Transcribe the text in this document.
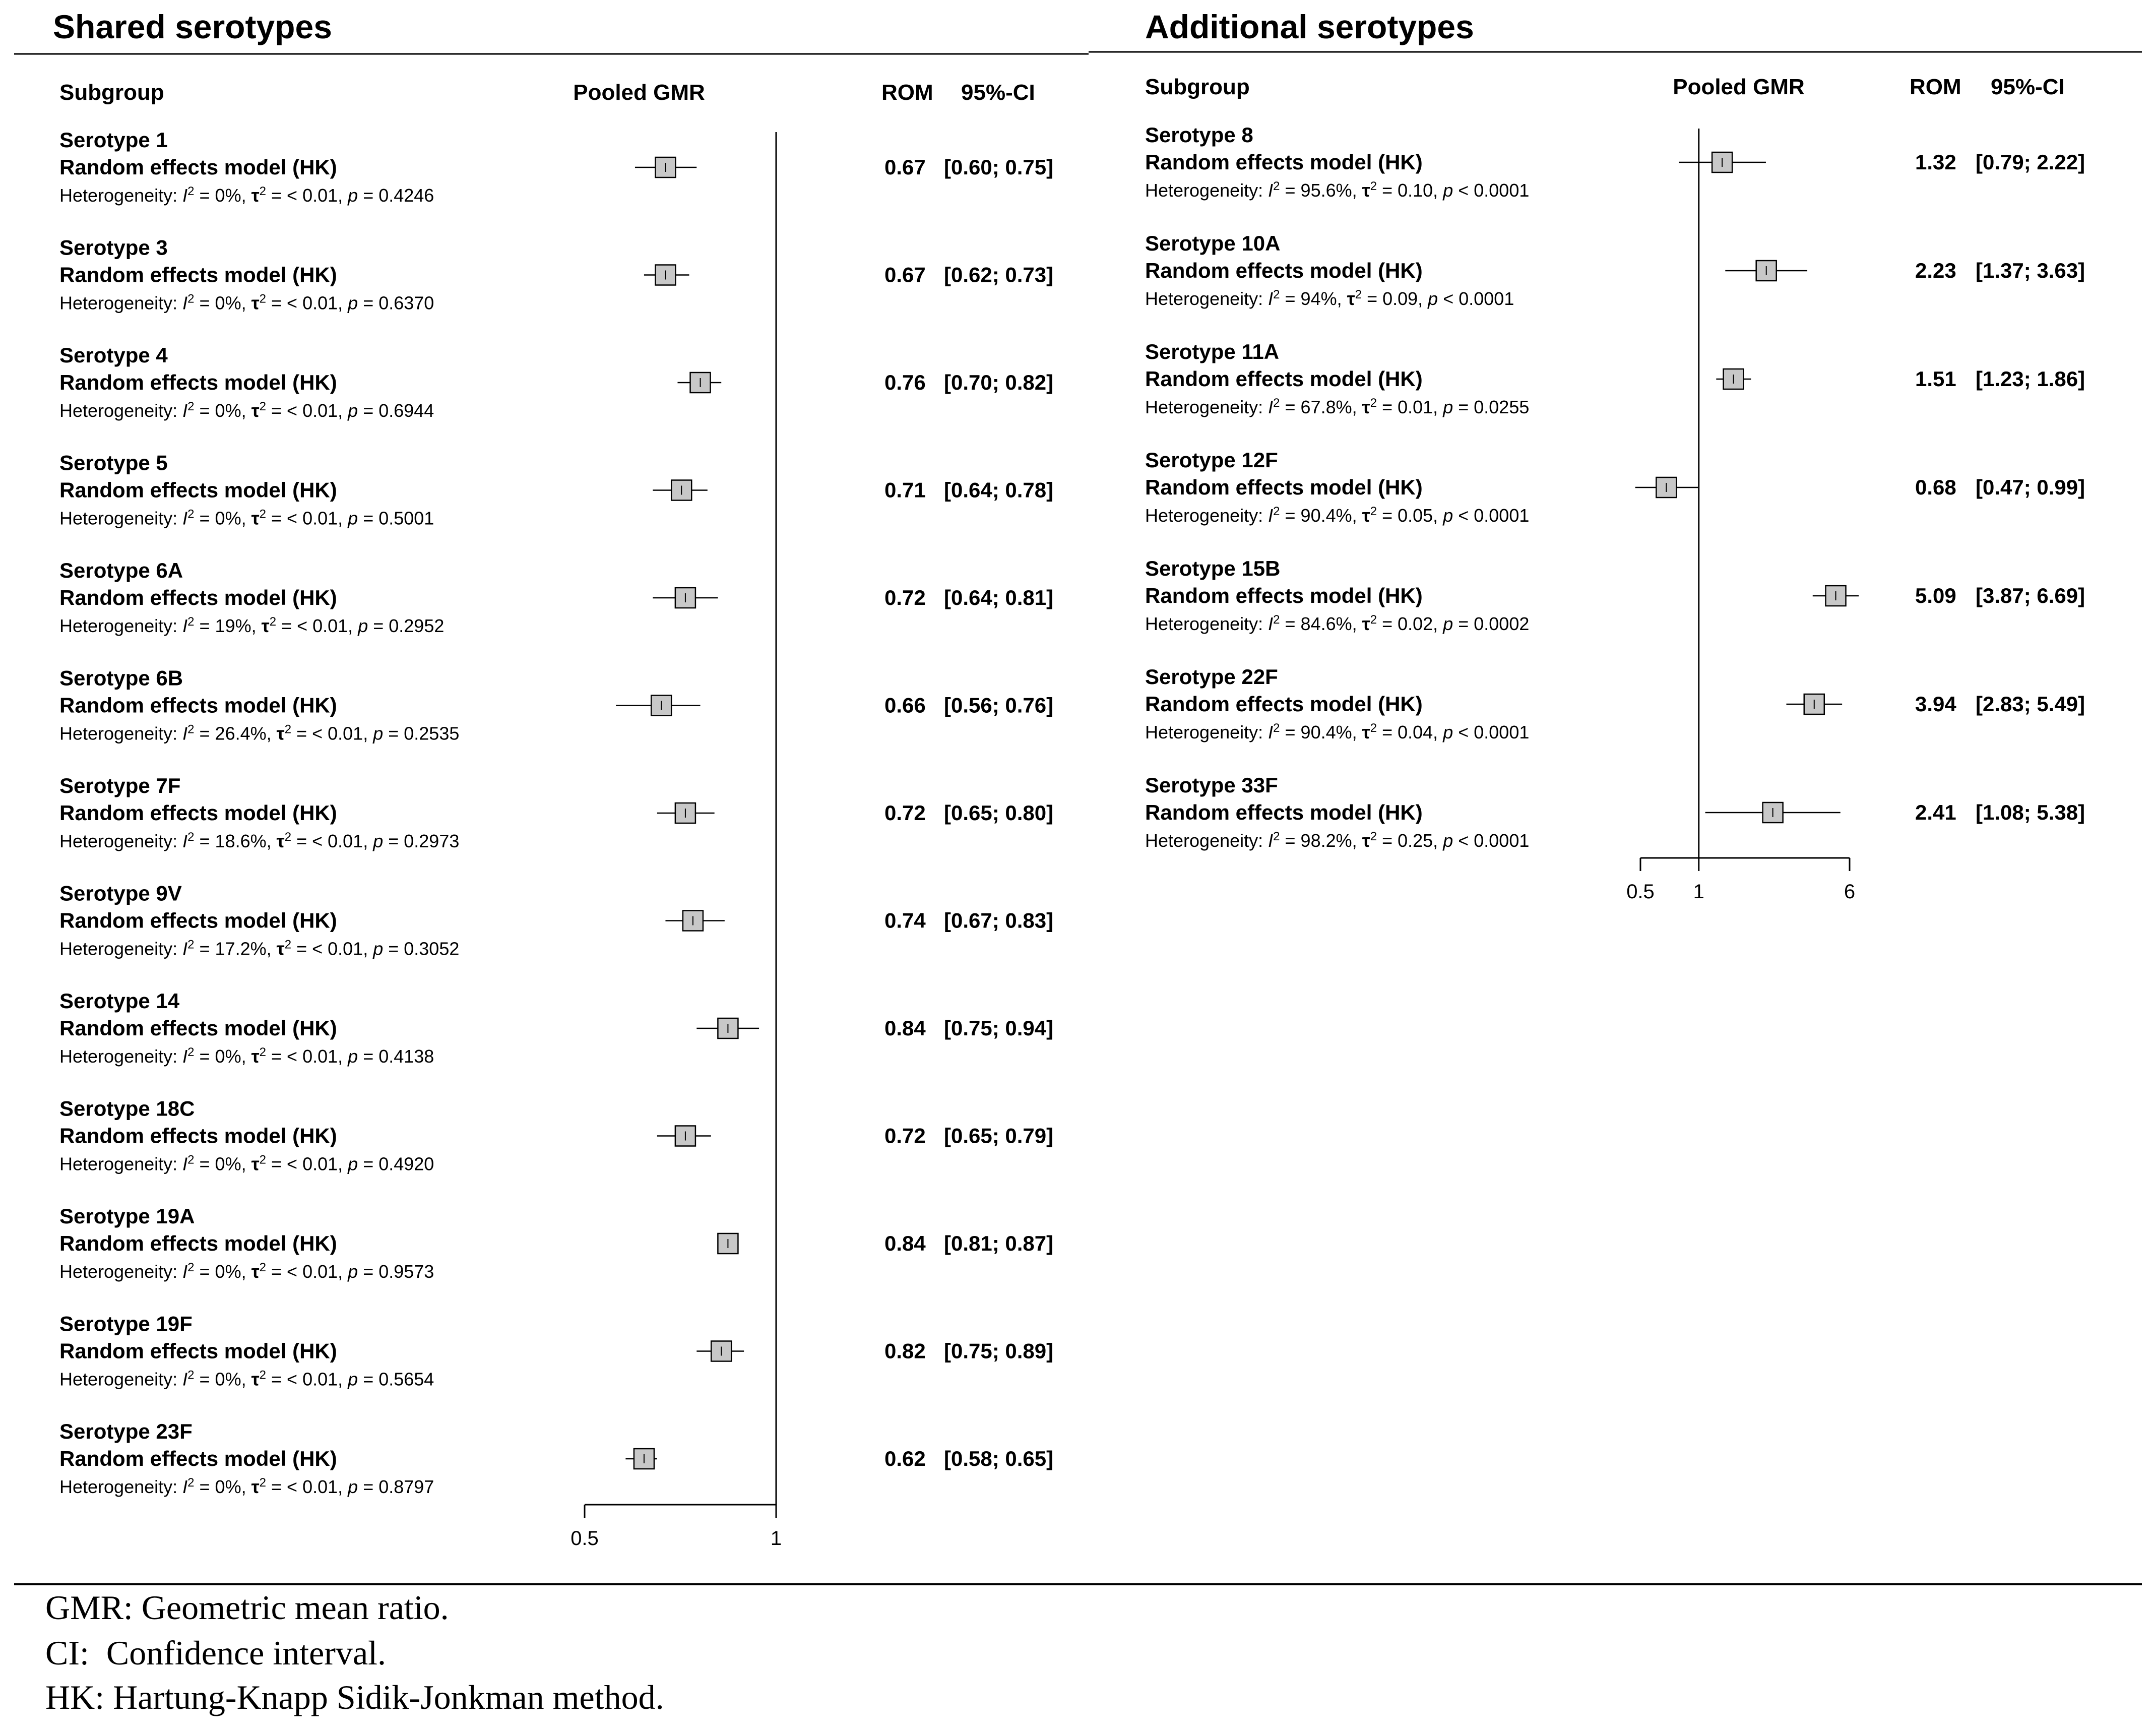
Shared serotypes	Additional serotypes
Subgroup	Pooled GMR	ROM 95%-CI	Subgroup	Pooled GMR	ROM 95%-CI
0.5	1
Serotype 1
Random effects model (HK)
Heterogeneity: $I^2 = 0\%$, $\tau^2$ = < 0.01, p = 0.4246
0.67 [0.60; 0.75]
Serotype 3
Random effects model (HK)
Heterogeneity: $I^2 = 0\%$, $\tau^2$ = < 0.01, p = 0.6370
0.67 [0.62; 0.73]
Serotype 4
Random effects model (HK)
Heterogeneity: $I^2 = 0\%$, $\tau^2$ = < 0.01, p = 0.6944
0.76 [0.70; 0.82]
Serotype 5
Random effects model (HK)
Heterogeneity: $I^2 = 0\%$, $\tau^2$ = < 0.01, p = 0.5001
0.71 [0.64; 0.78]
Serotype 6A
Random effects model (HK)
Heterogeneity: $I^2 = 19\%$, $\tau^2$ = < 0.01, p = 0.2952
0.72 [0.64; 0.81]
Serotype 6B
Random effects model (HK)
Heterogeneity: $I^2 = 26.4\%$, $\tau^2$ = < 0.01, p = 0.2535
0.66 [0.56; 0.76]
Serotype 7F
Random effects model (HK)
Heterogeneity: $I^2 = 18.6\%$, $\tau^2$ = < 0.01, p = 0.2973
0.72 [0.65; 0.80]
Serotype 9V
Random effects model (HK)
Heterogeneity: $I^2 = 17.2\%$, $\tau^2$ = < 0.01, p = 0.3052
0.74 [0.67; 0.83]
Serotype 14
Random effects model (HK)
Heterogeneity: $I^2 = 0\%$, $\tau^2$ = < 0.01, p = 0.4138
0.84 [0.75; 0.94]
Serotype 18C
Random effects model (HK)
Heterogeneity: $I^2 = 0\%$, $\tau^2$ = < 0.01, p = 0.4920
0.72 [0.65; 0.79]
Serotype 19A
Random effects model (HK)
Heterogeneity: $I^2 = 0\%$, $\tau^2$ = < 0.01, p = 0.9573
0.84 [0.81; 0.87]
Serotype 19F
Random effects model (HK)
Heterogeneity: $I^2 = 0\%$, $\tau^2$ = < 0.01, p = 0.5654
0.82 [0.75; 0.89]
Serotype 23F
Random effects model (HK)
Heterogeneity: $I^2 = 0\%$, $\tau^2$ = < 0.01, p = 0.8797
0.62 [0.58; 0.65]
0.5 1	6
Serotype 8
Random effects model (HK)
Heterogeneity: $I^2 = 95.6\%$, $\tau^2 = 0.10$, p < 0.0001
1.32 [0.79; 2.22]
Serotype 10A
Random effects model (HK)
Heterogeneity: $I^2 = 94\%$, $\tau^2 = 0.09$, p < 0.0001
2.23 [1.37; 3.63]
Serotype 11A
Random effects model (HK)
Heterogeneity: $I^2 = 67.8\%$, $\tau^2 = 0.01$, p = 0.0255
1.51 [1.23; 1.86]
Serotype 12F
Random effects model (HK)
Heterogeneity: $I^2 = 90.4\%$, $\tau^2 = 0.05$, p < 0.0001
0.68 [0.47; 0.99]
Serotype 15B
Random effects model (HK)
Heterogeneity: $I^2 = 84.6\%$, $\tau^2 = 0.02$, p = 0.0002
5.09 [3.87; 6.69]
Serotype 22F
Random effects model (HK)
Heterogeneity: $I^2 = 90.4\%$, $\tau^2 = 0.04$, p < 0.0001
3.94 [2.83; 5.49]
Serotype 33F
Random effects model (HK)
Heterogeneity: $I^2 = 98.2\%$, $\tau^2 = 0.25$, p < 0.0001
2.41 [1.08; 5.38]
GMR: Geometric mean ratio.
CI:  Confidence interval.
HK: Hartung-Knapp Sidik-Jonkman method.
